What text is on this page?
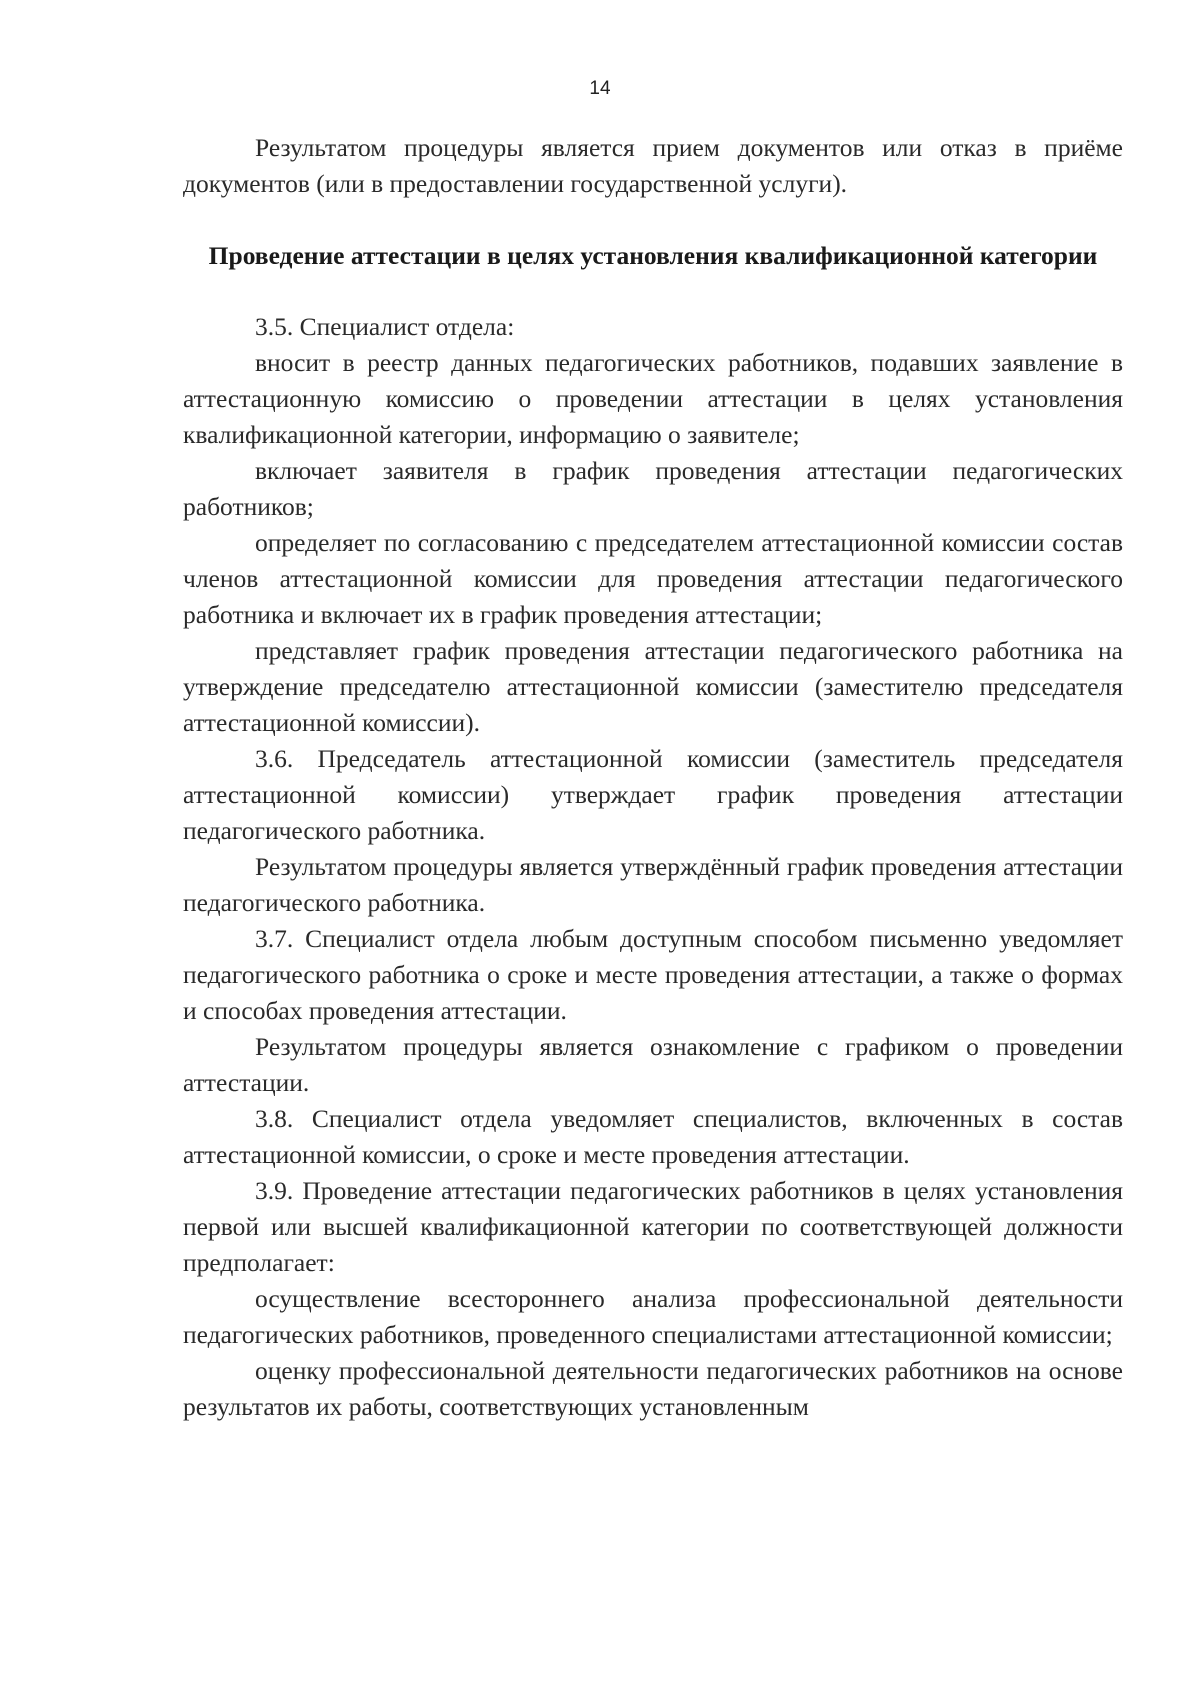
14

Результатом процедуры является прием документов или отказ в приёме документов (или в предоставлении государственной услуги).

Проведение аттестации в целях установления квалификационной категории

3.5. Специалист отдела:

вносит в реестр данных педагогических работников, подавших заявление в аттестационную комиссию о проведении аттестации в целях установления квалификационной категории, информацию о заявителе;

включает заявителя в график проведения аттестации педагогических работников;

определяет по согласованию с председателем аттестационной комиссии состав членов аттестационной комиссии для проведения аттестации педагогического работника и включает их в график проведения аттестации;

представляет график проведения аттестации педагогического работника на утверждение председателю аттестационной комиссии (заместителю председателя аттестационной комиссии).

3.6. Председатель аттестационной комиссии (заместитель председателя аттестационной комиссии) утверждает график проведения аттестации педагогического работника.

Результатом процедуры является утверждённый график проведения аттестации педагогического работника.

3.7. Специалист отдела любым доступным способом письменно уведомляет педагогического работника о сроке и месте проведения аттестации, а также о формах и способах проведения аттестации.

Результатом процедуры является ознакомление с графиком о проведении аттестации.

3.8. Специалист отдела уведомляет специалистов, включенных в состав аттестационной комиссии, о сроке и месте проведения аттестации.

3.9. Проведение аттестации педагогических работников в целях установления первой или высшей квалификационной категории по соответствующей должности предполагает:

осуществление всестороннего анализа профессиональной деятельности педагогических работников, проведенного специалистами аттестационной комиссии;

оценку профессиональной деятельности педагогических работников на основе результатов их работы, соответствующих установленным
